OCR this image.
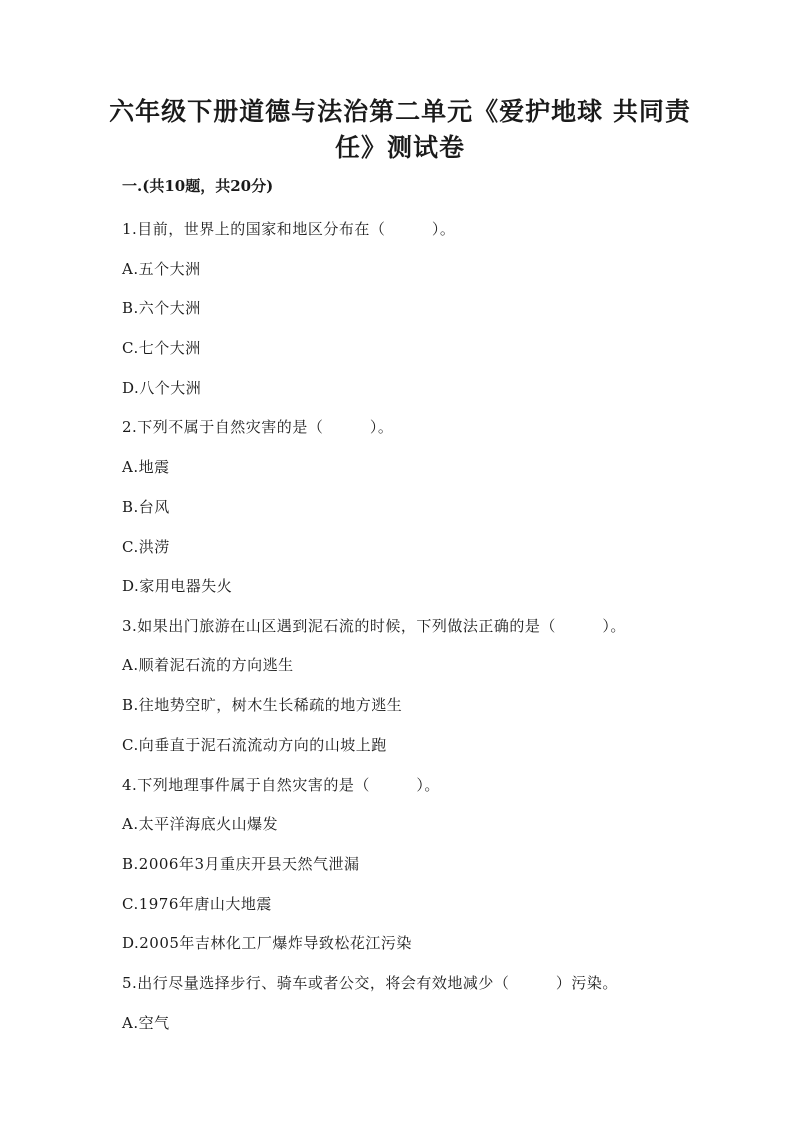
六年级下册道德与法治第二单元《爱护地球 共同责
任》测试卷
一.(共10题，共20分)
1.目前，世界上的国家和地区分布在（　　　）。
A.五个大洲
B.六个大洲
C.七个大洲
D.八个大洲
2.下列不属于自然灾害的是（　　　）。
A.地震
B.台风
C.洪涝
D.家用电器失火
3.如果出门旅游在山区遇到泥石流的时候，下列做法正确的是（　　　）。
A.顺着泥石流的方向逃生
B.往地势空旷，树木生长稀疏的地方逃生
C.向垂直于泥石流流动方向的山坡上跑
4.下列地理事件属于自然灾害的是（　　　）。
A.太平洋海底火山爆发
B.2006年3月重庆开县天然气泄漏
C.1976年唐山大地震
D.2005年吉林化工厂爆炸导致松花江污染
5.出行尽量选择步行、骑车或者公交，将会有效地减少（　　　）污染。
A.空气
